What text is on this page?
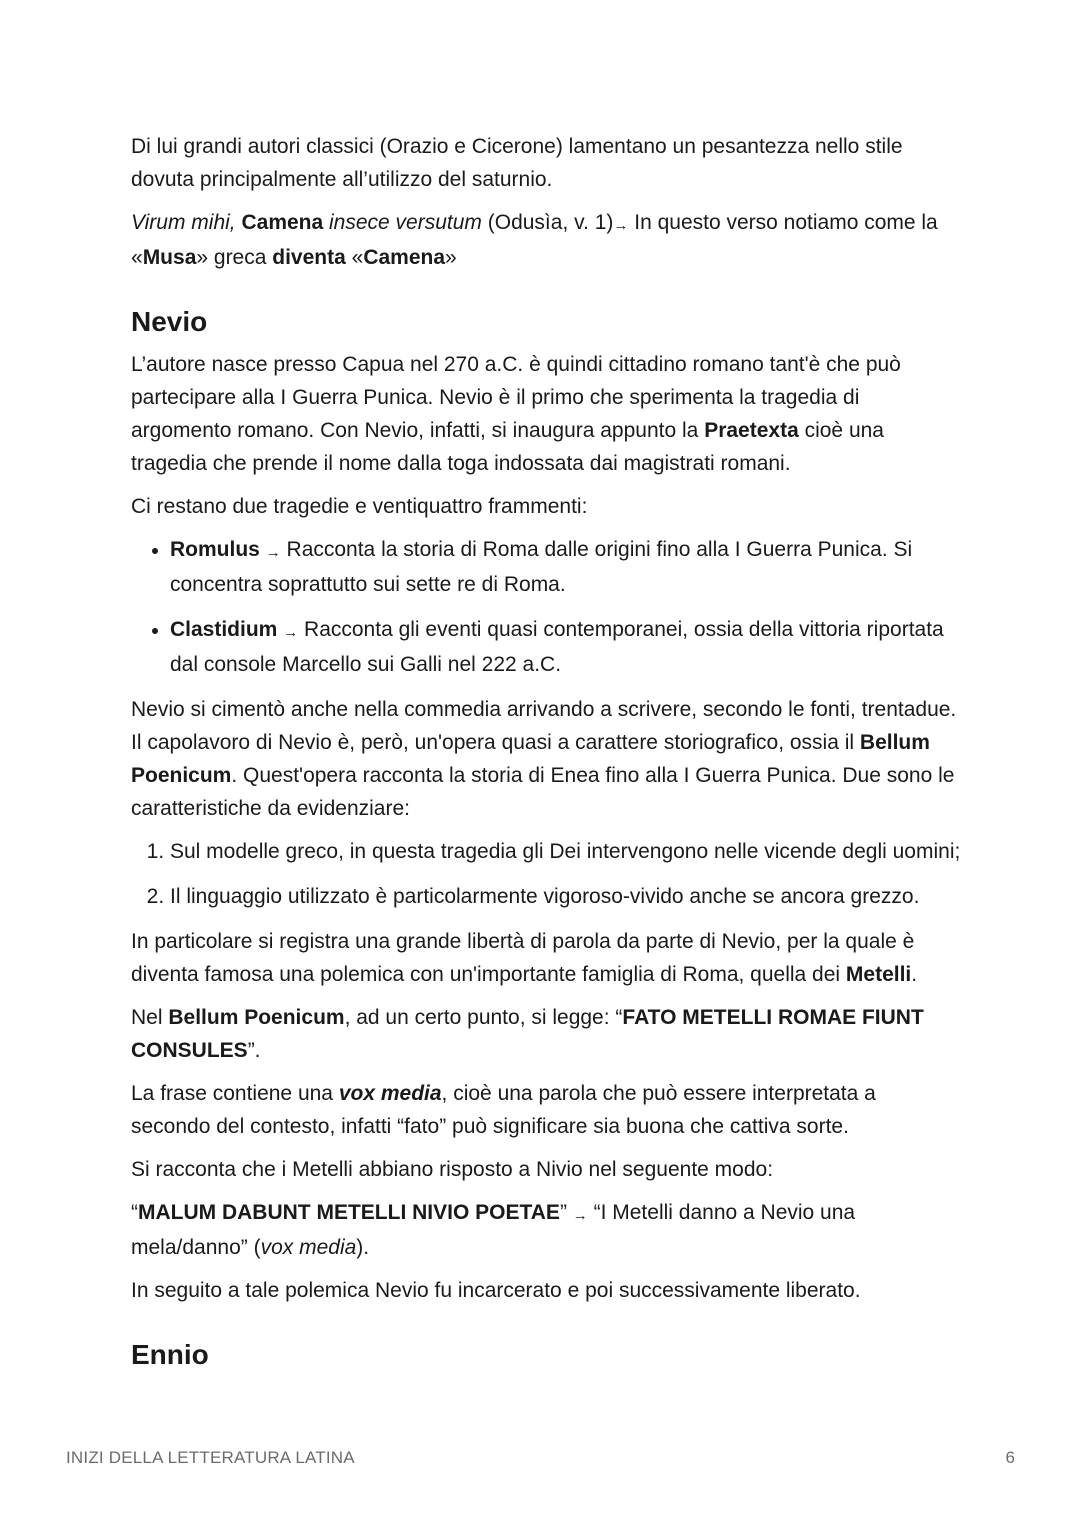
Di lui grandi autori classici (Orazio e Cicerone) lamentano un pesantezza nello stile dovuta principalmente all’utilizzo del saturnio.

Virum mihi, Camena insece versutum (Odusìa, v. 1)→ In questo verso notiamo come la «Musa» greca diventa «Camena»

Nevio

L’autore nasce presso Capua nel 270 a.C. è quindi cittadino romano tant'è che può partecipare alla I Guerra Punica. Nevio è il primo che sperimenta la tragedia di argomento romano. Con Nevio, infatti, si inaugura appunto la Praetexta cioè una tragedia che prende il nome dalla toga indossata dai magistrati romani.

Ci restano due tragedie e ventiquattro frammenti:

• Romulus → Racconta la storia di Roma dalle origini fino alla I Guerra Punica. Si concentra soprattutto sui sette re di Roma.
• Clastidium → Racconta gli eventi quasi contemporanei, ossia della vittoria riportata dal console Marcello sui Galli nel 222 a.C.

Nevio si cimentò anche nella commedia arrivando a scrivere, secondo le fonti, trentadue. Il capolavoro di Nevio è, però, un'opera quasi a carattere storiografico, ossia il Bellum Poenicum. Quest'opera racconta la storia di Enea fino alla I Guerra Punica. Due sono le caratteristiche da evidenziare:

1. Sul modelle greco, in questa tragedia gli Dei intervengono nelle vicende degli uomini;
2. Il linguaggio utilizzato è particolarmente vigoroso-vivido anche se ancora grezzo.

In particolare si registra una grande libertà di parola da parte di Nevio, per la quale è diventa famosa una polemica con un'importante famiglia di Roma, quella dei Metelli.

Nel Bellum Poenicum, ad un certo punto, si legge: “FATO METELLI ROMAE FIUNT CONSULES”.

La frase contiene una vox media, cioè una parola che può essere interpretata a secondo del contesto, infatti “fato” può significare sia buona che cattiva sorte.

Si racconta che i Metelli abbiano risposto a Nivio nel seguente modo:

“MALUM DABUNT METELLI NIVIO POETAE” → “I Metelli danno a Nevio una mela/danno” (vox media).

In seguito a tale polemica Nevio fu incarcerato e poi successivamente liberato.

Ennio
INIZI DELLA LETTERATURA LATINA	6
